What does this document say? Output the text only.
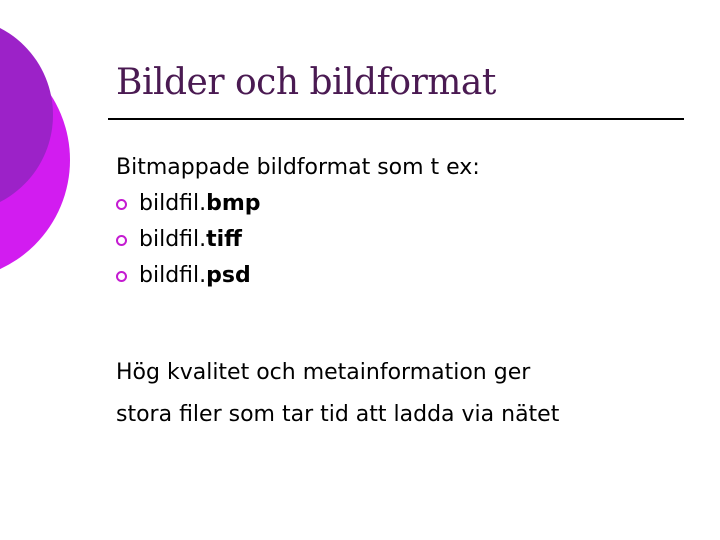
Bilder och bildformat
Bitmappade bildformat som t ex:
bildfil. bmp
bildfil. tiff
bildfil. psd
Hög kvalitet och metainformation ger
stora filer som tar tid att ladda via nätet
